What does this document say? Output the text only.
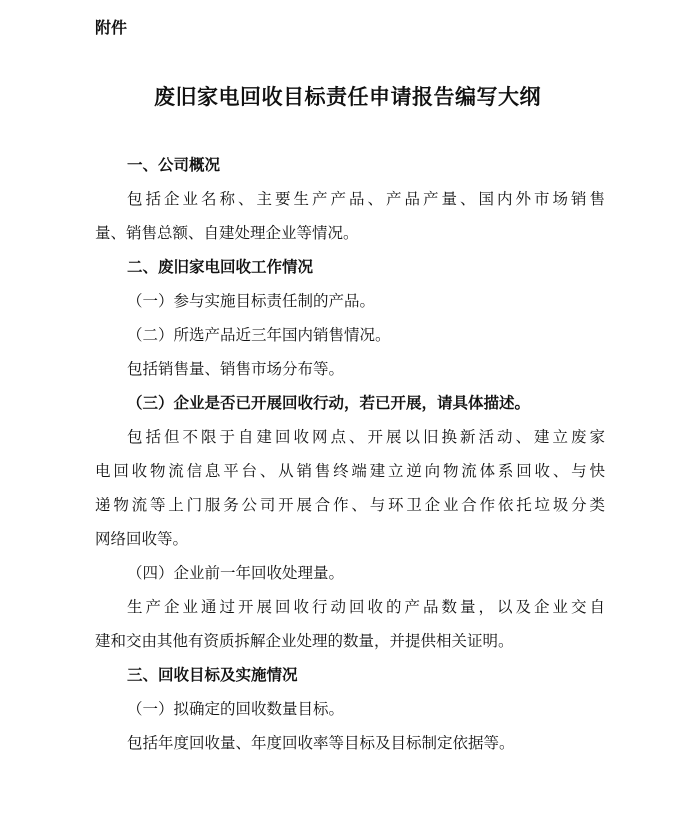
附件
废旧家电回收目标责任申请报告编写大纲
一、公司概况
包括企业名称、主要生产产品、产品产量、国内外市场销售
量、销售总额、自建处理企业等情况。
二、废旧家电回收工作情况
（一）参与实施目标责任制的产品。
（二）所选产品近三年国内销售情况。
包括销售量、销售市场分布等。
（三）企业是否已开展回收行动，若已开展，请具体描述。
包括但不限于自建回收网点、开展以旧换新活动、建立废家
电回收物流信息平台、从销售终端建立逆向物流体系回收、与快
递物流等上门服务公司开展合作、与环卫企业合作依托垃圾分类
网络回收等。
（四）企业前一年回收处理量。
生产企业通过开展回收行动回收的产品数量，以及企业交自
建和交由其他有资质拆解企业处理的数量，并提供相关证明。
三、回收目标及实施情况
（一）拟确定的回收数量目标。
包括年度回收量、年度回收率等目标及目标制定依据等。
